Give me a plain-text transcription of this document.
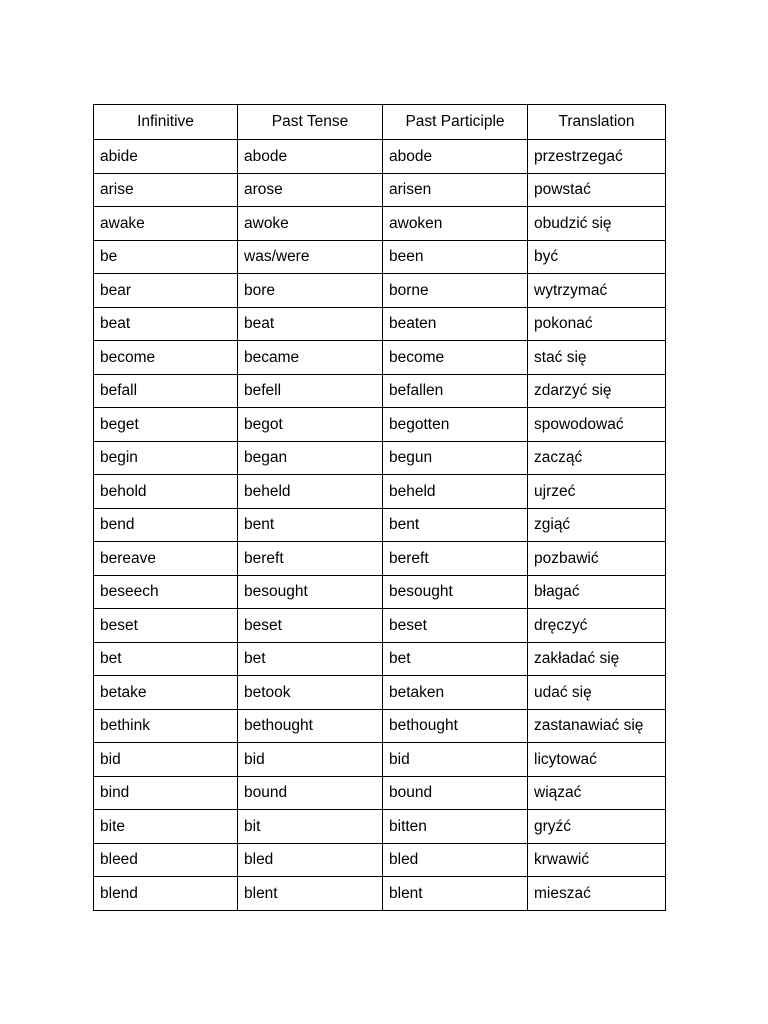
Infinitive	Past Tense	Past Participle	Translation
abide	abode	abode	przestrzegać
arise	arose	arisen	powstać
awake	awoke	awoken	obudzić się
be	was/were	been	być
bear	bore	borne	wytrzymać
beat	beat	beaten	pokonać
become	became	become	stać się
befall	befell	befallen	zdarzyć się
beget	begot	begotten	spowodować
begin	began	begun	zacząć
behold	beheld	beheld	ujrzeć
bend	bent	bent	zgiąć
bereave	bereft	bereft	pozbawić
beseech	besought	besought	błagać
beset	beset	beset	dręczyć
bet	bet	bet	zakładać się
betake	betook	betaken	udać się
bethink	bethought	bethought	zastanawiać się
bid	bid	bid	licytować
bind	bound	bound	wiązać
bite	bit	bitten	gryźć
bleed	bled	bled	krwawić
blend	blent	blent	mieszać
